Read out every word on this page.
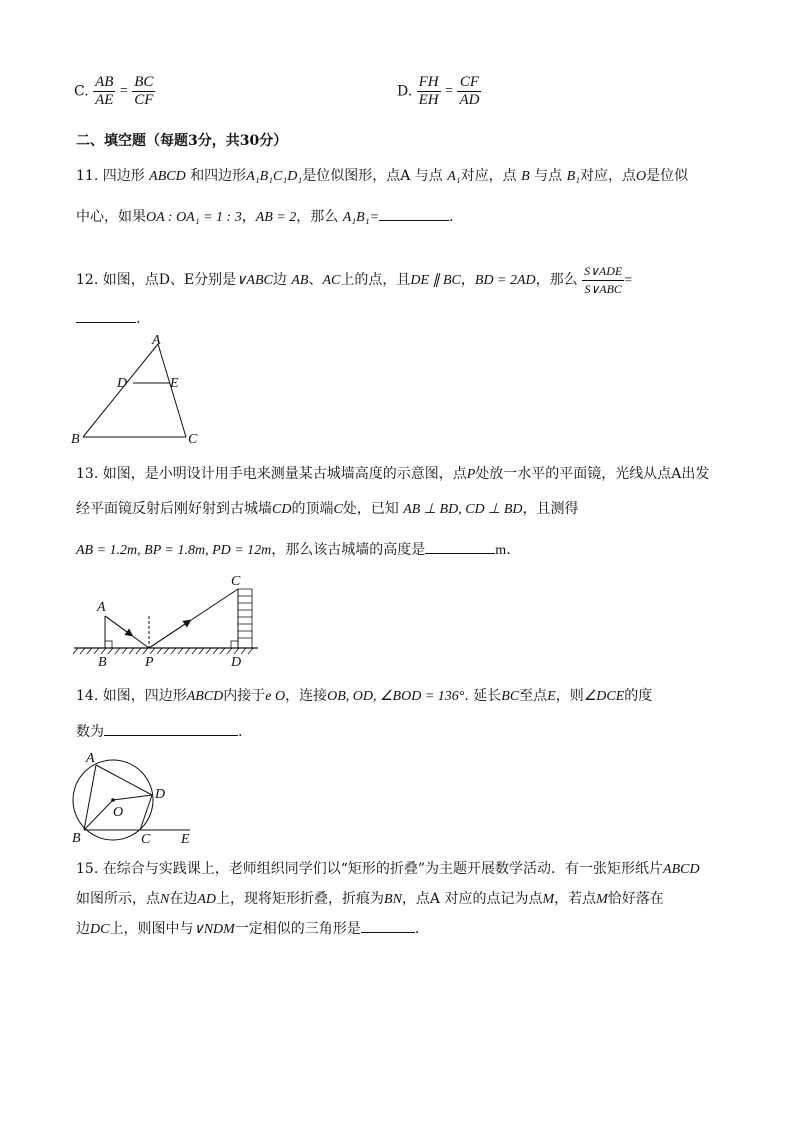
C. $\frac{AB}{AE} = \frac{BC}{CF}$	D. $\frac{FH}{EH} = \frac{CF}{AD}$
二、填空题（每题3分，共30分）
11. 四边形 ABCD 和四边形A₁B₁C₁D₁是位似图形，点A 与点 A₁对应，点 B 与点 B₁对应，点O是位似
中心，如果OA : OA₁ = 1 : 3，AB = 2，那么 A₁B₁=	.
12. 如图，点D、E分别是∨ABC边 AB、AC上的点，且DE ∥ BC，BD = 2AD，那么 $\frac{\text{S∨ADE}}{\text{S∨ABC}}$ =
.
A
B	C
D	E
13. 如图，是小明设计用手电来测量某古城墙高度的示意图，点P处放一水平的平面镜，光线从点A出发
经平面镜反射后刚好射到古城墙CD的顶端C处，已知 AB ⊥ BD, CD ⊥ BD，且测得
AB = 1.2m, BP = 1.8m, PD = 12m，那么该古城墙的高度是	m.
A
B	P
C
D
14. 如图，四边形ABCD内接于e O，连接OB, OD, ∠BOD = 136°. 延长BC至点E，则∠DCE的度
数为	.
A
B	C
D
O
E
15. 在综合与实践课上，老师组织同学们以“矩形的折叠”为主题开展数学活动．有一张矩形纸片ABCD
如图所示，点N在边AD上，现将矩形折叠，折痕为BN，点A 对应的点记为点M，若点M恰好落在
边DC上，则图中与∨NDM一定相似的三角形是	.
